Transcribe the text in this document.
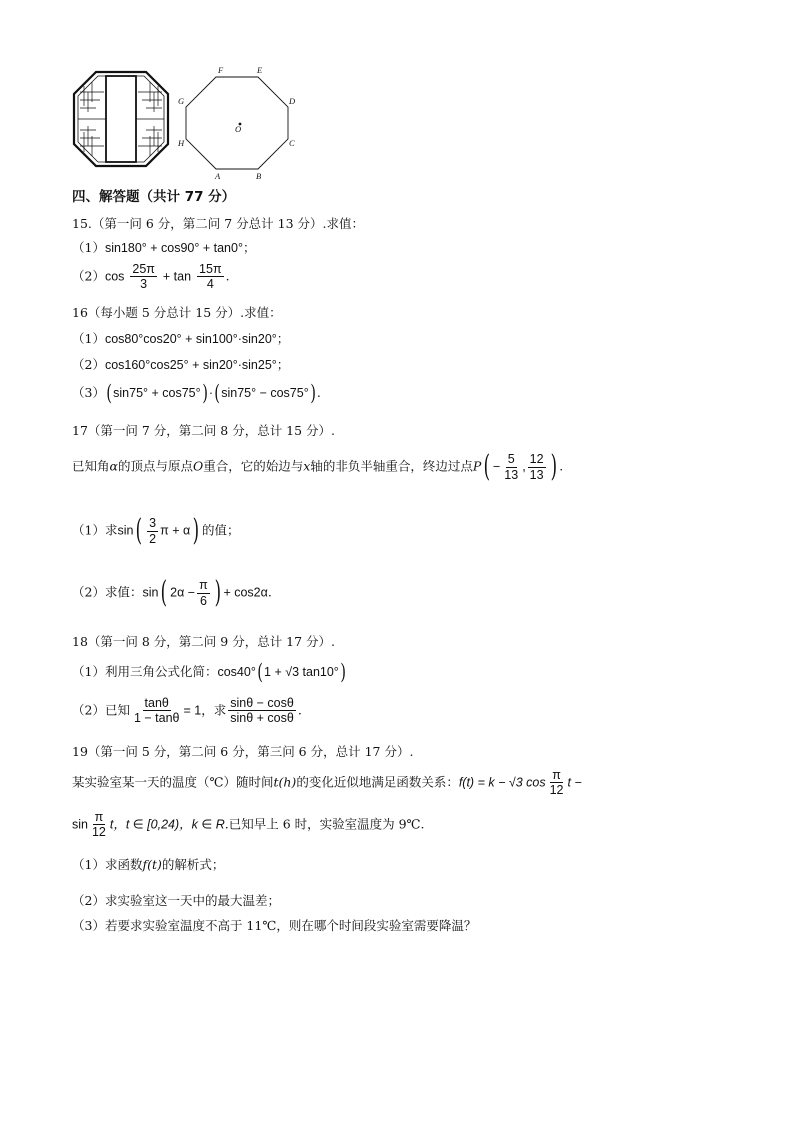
O
F	E
D
C
B
A
H
G
四、解答题（共计 77 分）
15.（第一问 6 分，第二问 7 分总计 13 分）.求值：
（1）sin180° + cos90° + tan0°；
$(2)\cos \frac{25\pi}{3} + \tan \frac{15\pi}{4}$ .
16（每小题 5 分总计 15 分）.求值：
（1）cos80°cos20° + sin100°·sin20°；
（2）cos160°cos25° + sin20°·sin25°；
（3）(sin75° + cos75°)·(sin75° − cos75°).
17（第一问 7 分，第二问 8 分，总计 15 分）.
已知角α的顶点与原点O重合，它的始边与x轴的非负半轴重合，终边过点$P( - \frac{5}{13}$ , $\frac{12}{13}$ ) .
（1）求$\sin( \frac{3}{2}$ π + α) 的值；
（2）求值：sin( $2\alpha - \frac{\pi}{6}$ ) + cos2α.
18（第一问 8 分，第二问 9 分，总计 17 分）.
（1）利用三角公式化简：cos40°(1 + √3 tan10°)
（2）已知 $\frac{\tan\theta}{1 - \tan\theta} = 1$，求 $\frac{\sin\theta - \cos\theta}{\sin\theta + \cos\theta}$ .
19（第一问 5 分，第二问 6 分，第三问 6 分，总计 17 分）.
某实验室某一天的温度（℃）随时间t(h)的变化近似地满足函数关系：f(t) = k − √3 $\cos \frac{\pi}{12}$ t −
$\sin \frac{\pi}{12}$ t，t ∈ [0,24)，k ∈ R.已知早上 6 时，实验室温度为 9℃.
（1）求函数f(t)的解析式；
（2）求实验室这一天中的最大温差；
（3）若要求实验室温度不高于 11℃，则在哪个时间段实验室需要降温？
